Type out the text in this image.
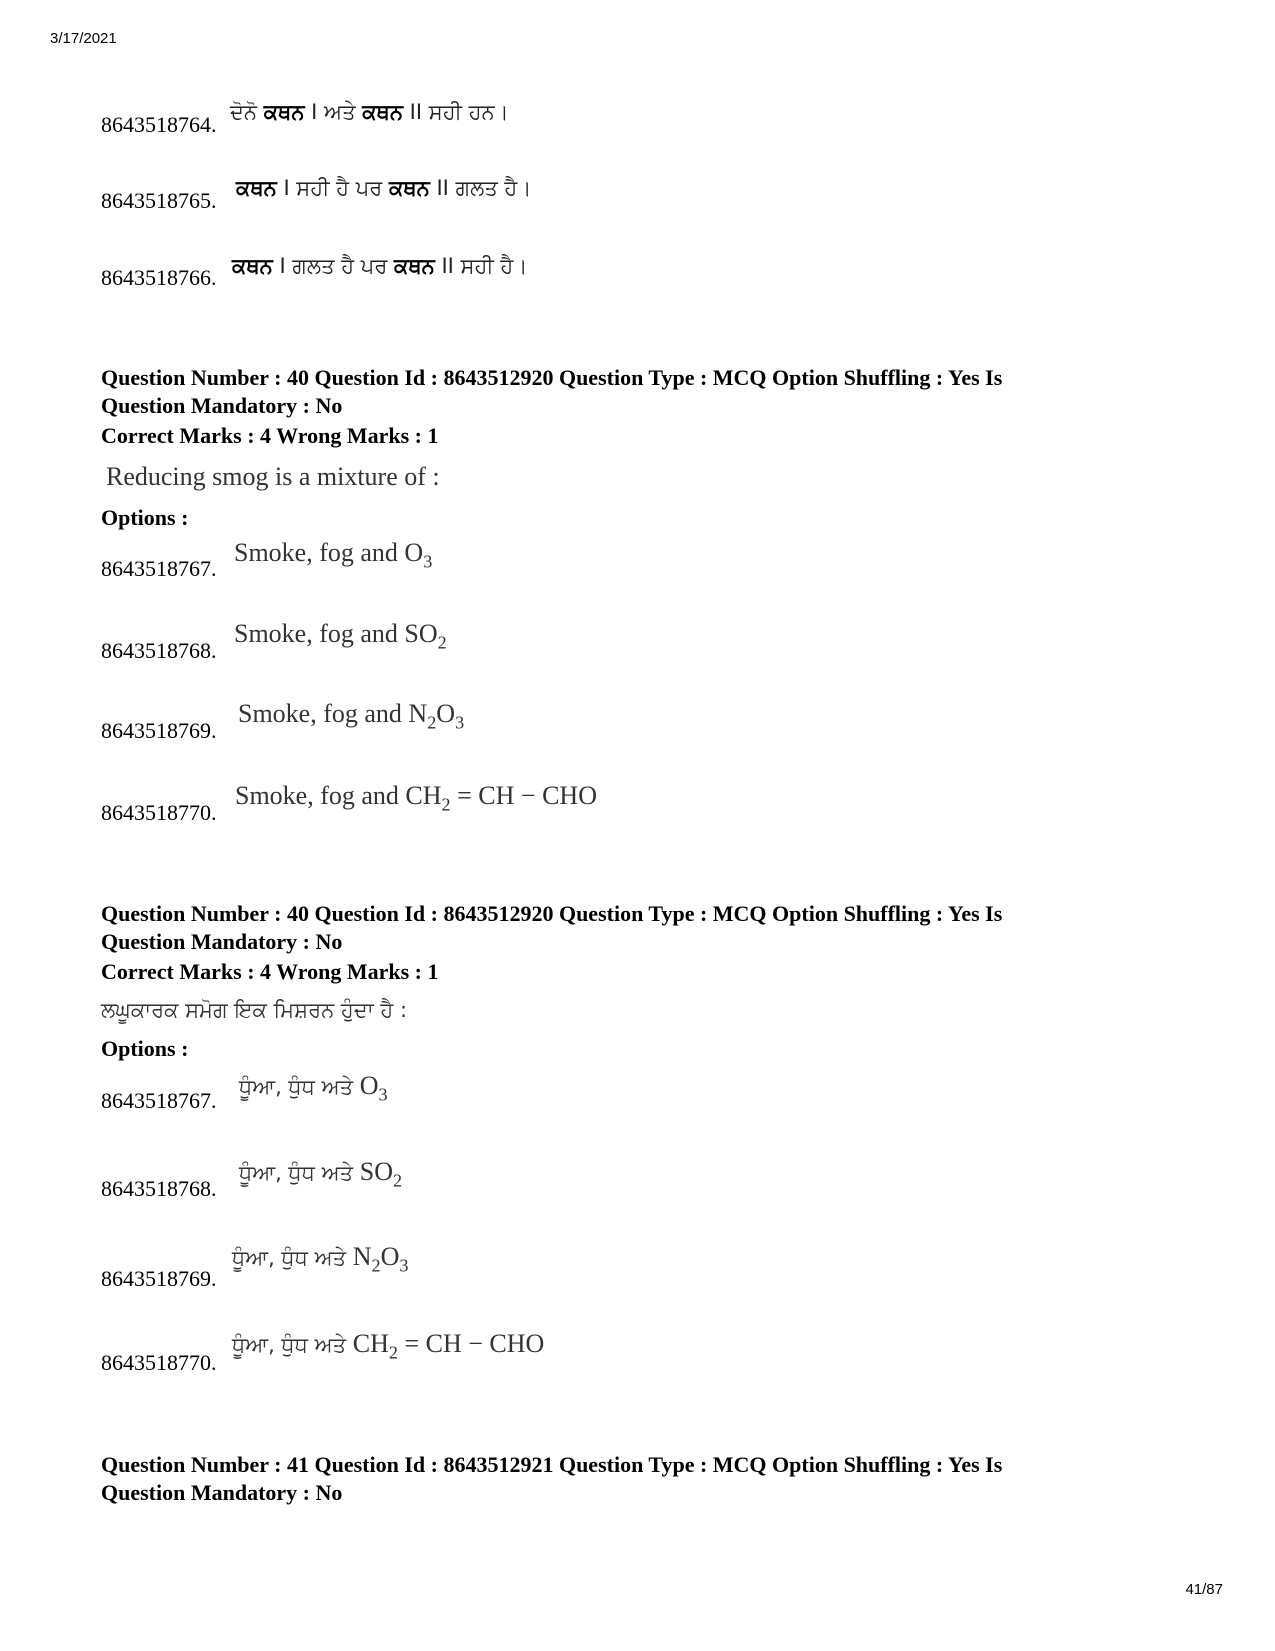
3/17/2021
41/87
8643518764. ਦੋਨੋ ਕਥਨ I ਅਤੇ ਕਥਨ II ਸਹੀ ਹਨ।
8643518765. ਕਥਨ I ਸਹੀ ਹੈ ਪਰ ਕਥਨ II ਗਲਤ ਹੈ।
8643518766. ਕਥਨ I ਗਲਤ ਹੈ ਪਰ ਕਥਨ II ਸਹੀ ਹੈ।
Question Number : 40 Question Id : 8643512920 Question Type : MCQ Option Shuffling : Yes Is
Question Mandatory : No
Correct Marks : 4 Wrong Marks : 1
Reducing smog is a mixture of :
Options :
8643518767.
Smoke, fog and $O_3$
8643518768.
Smoke, fog and $SO_2$
8643518769.
Smoke, fog and $N_2O_3$
8643518770.
Smoke, fog and $CH_2$ = CH − CHO
Question Number : 40 Question Id : 8643512920 Question Type : MCQ Option Shuffling : Yes Is
Question Mandatory : No
Correct Marks : 4 Wrong Marks : 1
ਲਘੂਕਾਰਕ ਸਮੋਗ ਇਕ ਮਿਸ਼ਰਨ ਹੁੰਦਾ ਹੈ :
Options :
8643518767.
ਧੂੰਆ, ਧੁੰਧ ਅਤੇ $O_3$
8643518768.
ਧੂੰਆ, ਧੁੰਧ ਅਤੇ $SO_2$
8643518769.
ਧੂੰਆ, ਧੁੰਧ ਅਤੇ $N_2O_3$
8643518770.
ਧੂੰਆ, ਧੁੰਧ ਅਤੇ $CH_2$ = CH − CHO
Question Number : 41 Question Id : 8643512921 Question Type : MCQ Option Shuffling : Yes Is
Question Mandatory : No
